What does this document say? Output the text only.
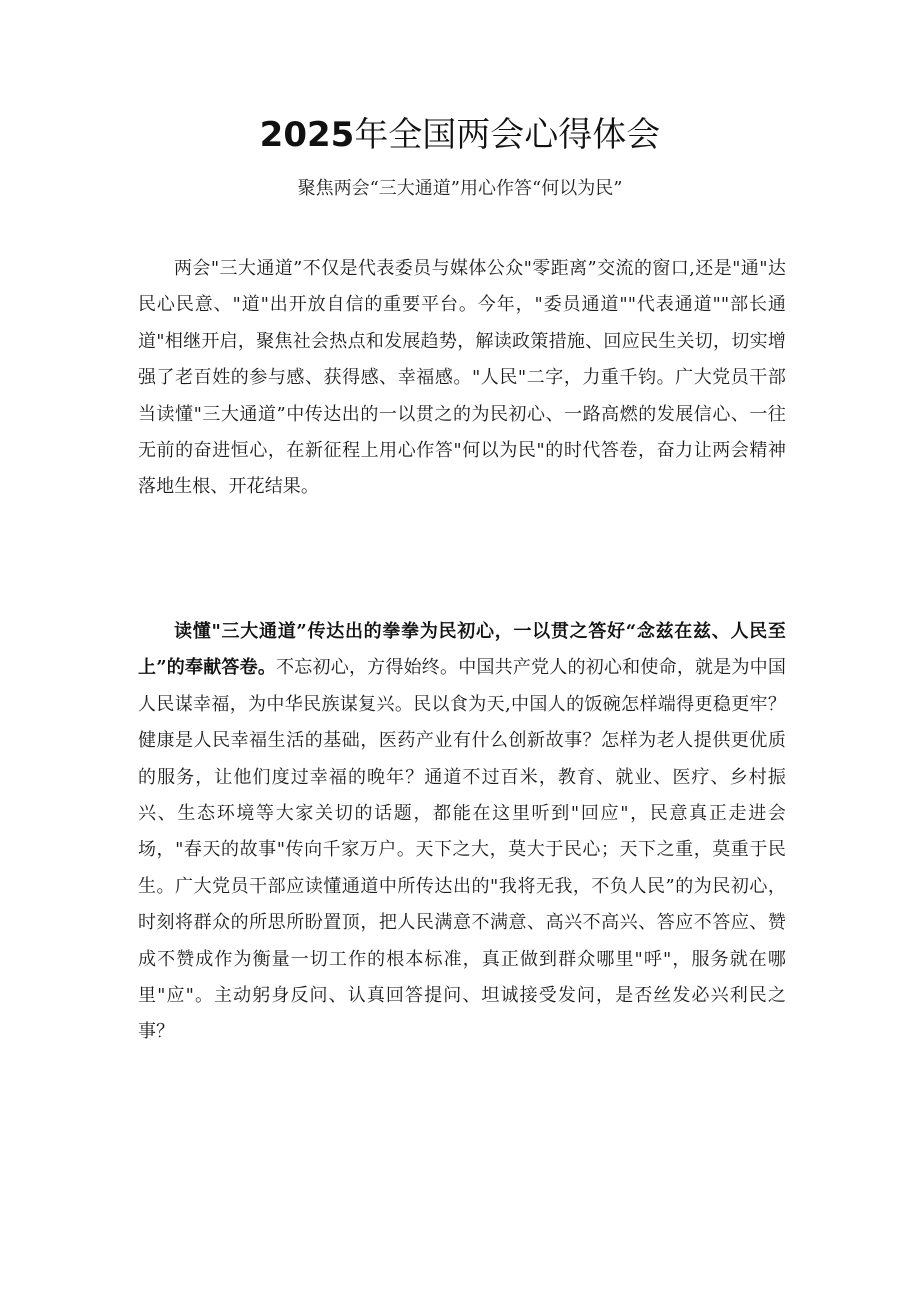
2025年全国两会心得体会
聚焦两会“三大通道”用心作答“何以为民”

两会"三大通道”不仅是代表委员与媒体公众"零距离”交流的窗口,还是"通"达民心民意、"道"出开放自信的重要平台。今年，"委员通道""代表通道""部长通道"相继开启，聚焦社会热点和发展趋势，解读政策措施、回应民生关切，切实增强了老百姓的参与感、获得感、幸福感。"人民"二字，力重千钧。广大党员干部当读懂"三大通道”中传达出的一以贯之的为民初心、一路高燃的发展信心、一往无前的奋进恒心，在新征程上用心作答"何以为民"的时代答卷，奋力让两会精神落地生根、开花结果。

读懂"三大通道”传达出的拳拳为民初心，一以贯之答好“念兹在兹、人民至上”的奉献答卷。不忘初心，方得始终。中国共产党人的初心和使命，就是为中国人民谋幸福，为中华民族谋复兴。民以食为天,中国人的饭碗怎样端得更稳更牢？健康是人民幸福生活的基础，医药产业有什么创新故事？怎样为老人提供更优质的服务，让他们度过幸福的晚年？通道不过百米，教育、就业、医疗、乡村振兴、生态环境等大家关切的话题，都能在这里听到"回应"，民意真正走进会场，"春天的故事"传向千家万户。天下之大，莫大于民心；天下之重，莫重于民生。广大党员干部应读懂通道中所传达出的"我将无我，不负人民”的为民初心，时刻将群众的所思所盼置顶，把人民满意不满意、高兴不高兴、答应不答应、赞成不赞成作为衡量一切工作的根本标准，真正做到群众哪里"呼"，服务就在哪里"应"。主动躬身反问、认真回答提问、坦诚接受发问，是否丝发必兴利民之事？
